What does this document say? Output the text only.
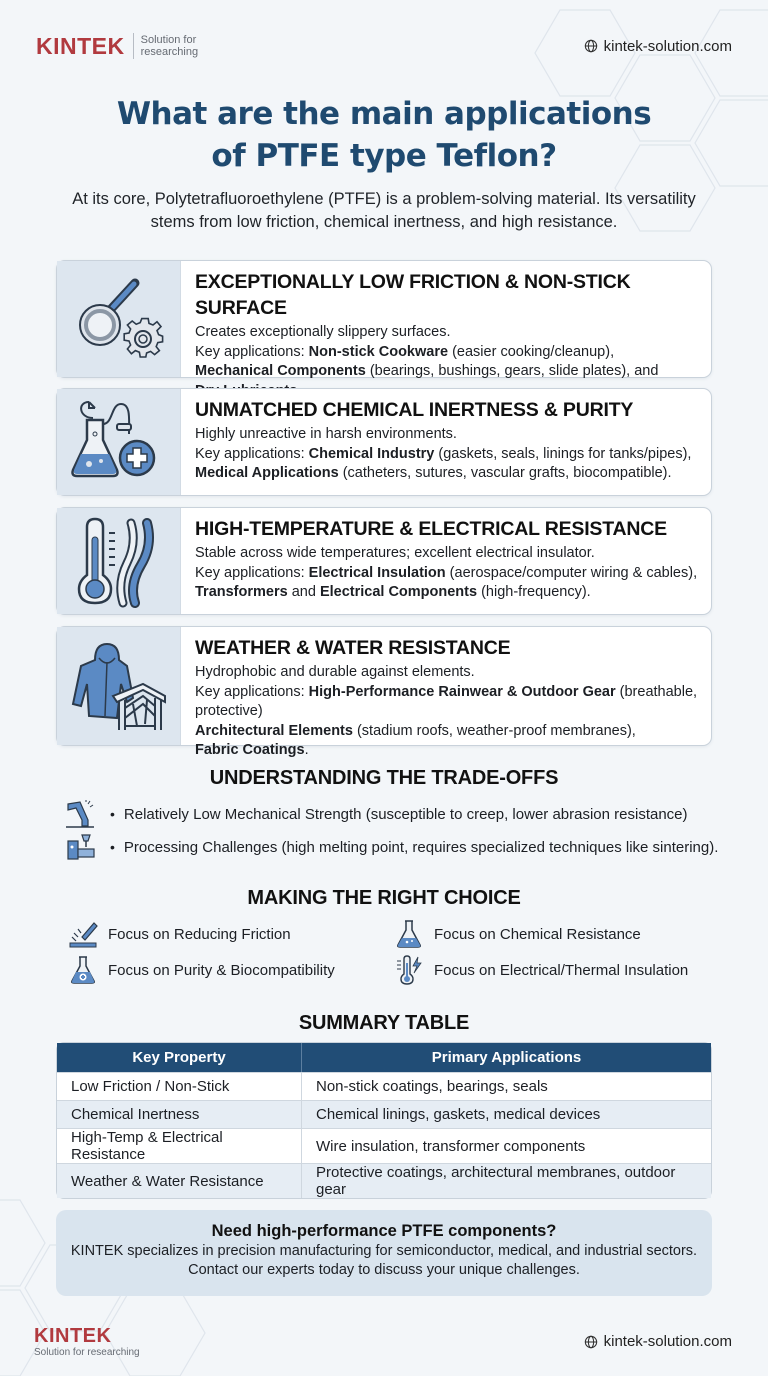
KINTEK Solution for
researching	kintek-solution.com
What are the main applications
of PTFE type Teflon?

At its core, Polytetrafluoroethylene (PTFE) is a problem-solving material. Its versatility
stems from low friction, chemical inertness, and high resistance.

EXCEPTIONALLY LOW FRICTION & NON-STICK SURFACE
Creates exceptionally slippery surfaces.
Key applications: Non-stick Cookware (easier cooking/cleanup),
Mechanical Components (bearings, bushings, gears, slide plates), and

UNMATCHED CHEMICAL INERTNESS & PURITY
Highly unreactive in harsh environments.
Key applications: Chemical Industry (gaskets, seals, linings for tanks/pipes),
Medical Applications (catheters, sutures, vascular grafts, biocompatible).
HIGH-TEMPERATURE & ELECTRICAL RESISTANCE
Stable across wide temperatures; excellent electrical insulator.
Key applications: Electrical Insulation (aerospace/computer wiring & cables),
Transformers and Electrical Components (high-frequency).
WEATHER & WATER RESISTANCE
Hydrophobic and durable against elements.
Key applications: High-Performance Rainwear & Outdoor Gear (breathable, protective)
Architectural Elements (stadium roofs, weather-proof membranes),
Fabric Coatings.
UNDERSTANDING THE TRADE-OFFS
• Relatively Low Mechanical Strength (susceptible to creep, lower abrasion resistance)
• Processing Challenges (high melting point, requires specialized techniques like sintering).
MAKING THE RIGHT CHOICE
Focus on Reducing Friction	Focus on Chemical Resistance
Focus on Purity & Biocompatibility	Focus on Electrical/Thermal Insulation
SUMMARY TABLE
Key Property	Primary Applications
Low Friction / Non-Stick	Non-stick coatings, bearings, seals
Chemical Inertness	Chemical linings, gaskets, medical devices
High-Temp & Electrical Resistance	Wire insulation, transformer components
Weather & Water Resistance	Protective coatings, architectural membranes, outdoor gear
Need high-performance PTFE components?
KINTEK specializes in precision manufacturing for semiconductor, medical, and industrial sectors.
Contact our experts today to discuss your unique challenges.
KINTEK
Solution for researching
kintek-solution.com
